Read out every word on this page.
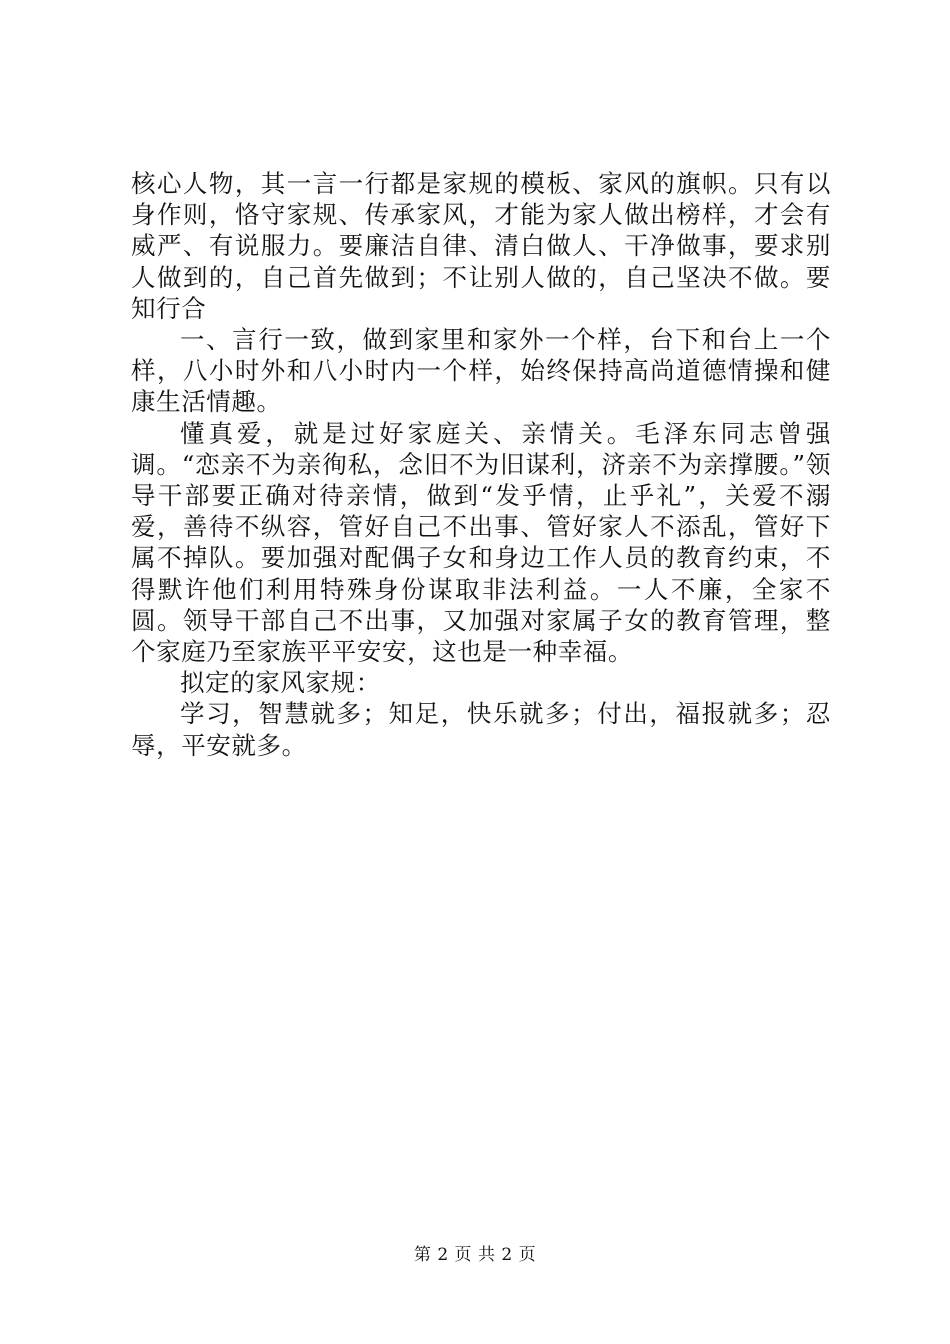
核心人物，其一言一行都是家规的模板、家风的旗帜。只有以身作则，恪守家规、传承家风，才能为家人做出榜样，才会有威严、有说服力。要廉洁自律、清白做人、干净做事，要求别人做到的，自己首先做到；不让别人做的，自己坚决不做。要知行合

一、言行一致，做到家里和家外一个样，台下和台上一个样，八小时外和八小时内一个样，始终保持高尚道德情操和健康生活情趣。

懂真爱，就是过好家庭关、亲情关。毛泽东同志曾强调。“恋亲不为亲徇私，念旧不为旧谋利，济亲不为亲撑腰。”领导干部要正确对待亲情，做到“发乎情，止乎礼”，关爱不溺爱，善待不纵容，管好自己不出事、管好家人不添乱，管好下属不掉队。要加强对配偶子女和身边工作人员的教育约束，不得默许他们利用特殊身份谋取非法利益。一人不廉，全家不圆。领导干部自己不出事，又加强对家属子女的教育管理，整个家庭乃至家族平平安安，这也是一种幸福。

拟定的家风家规：

学习，智慧就多；知足，快乐就多；付出，福报就多；忍辱，平安就多。

第 2 页 共 2 页
